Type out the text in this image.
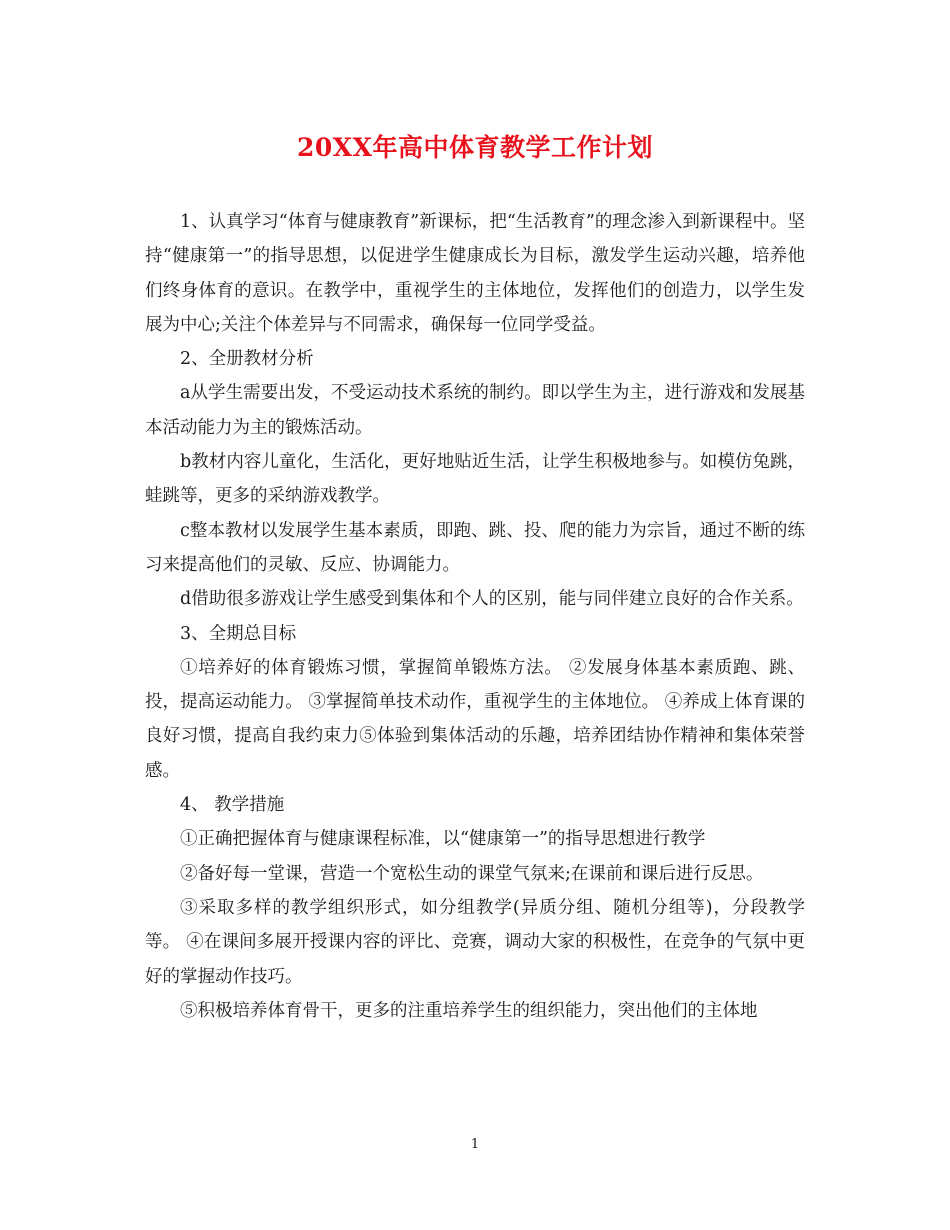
20XX年高中体育教学工作计划

1、认真学习“体育与健康教育”新课标，把“生活教育”的理念渗入到新课程中。坚持“健康第一”的指导思想，以促进学生健康成长为目标，激发学生运动兴趣，培养他们终身体育的意识。在教学中，重视学生的主体地位，发挥他们的创造力，以学生发展为中心;关注个体差异与不同需求，确保每一位同学受益。

2、全册教材分析

a从学生需要出发，不受运动技术系统的制约。即以学生为主，进行游戏和发展基本活动能力为主的锻炼活动。

b教材内容儿童化，生活化，更好地贴近生活，让学生积极地参与。如模仿兔跳，蛙跳等，更多的采纳游戏教学。

c整本教材以发展学生基本素质，即跑、跳、投、爬的能力为宗旨，通过不断的练习来提高他们的灵敏、反应、协调能力。

d借助很多游戏让学生感受到集体和个人的区别，能与同伴建立良好的合作关系。

3、全期总目标

①培养好的体育锻炼习惯，掌握简单锻炼方法。 ②发展身体基本素质跑、跳、投，提高运动能力。 ③掌握简单技术动作，重视学生的主体地位。 ④养成上体育课的良好习惯，提高自我约束力⑤体验到集体活动的乐趣，培养团结协作精神和集体荣誉感。

4、 教学措施

①正确把握体育与健康课程标准，以“健康第一”的指导思想进行教学

②备好每一堂课，营造一个宽松生动的课堂气氛来;在课前和课后进行反思。

③采取多样的教学组织形式，如分组教学(异质分组、随机分组等)，分段教学等。 ④在课间多展开授课内容的评比、竞赛，调动大家的积极性，在竞争的气氛中更好的掌握动作技巧。

⑤积极培养体育骨干，更多的注重培养学生的组织能力，突出他们的主体地

1
